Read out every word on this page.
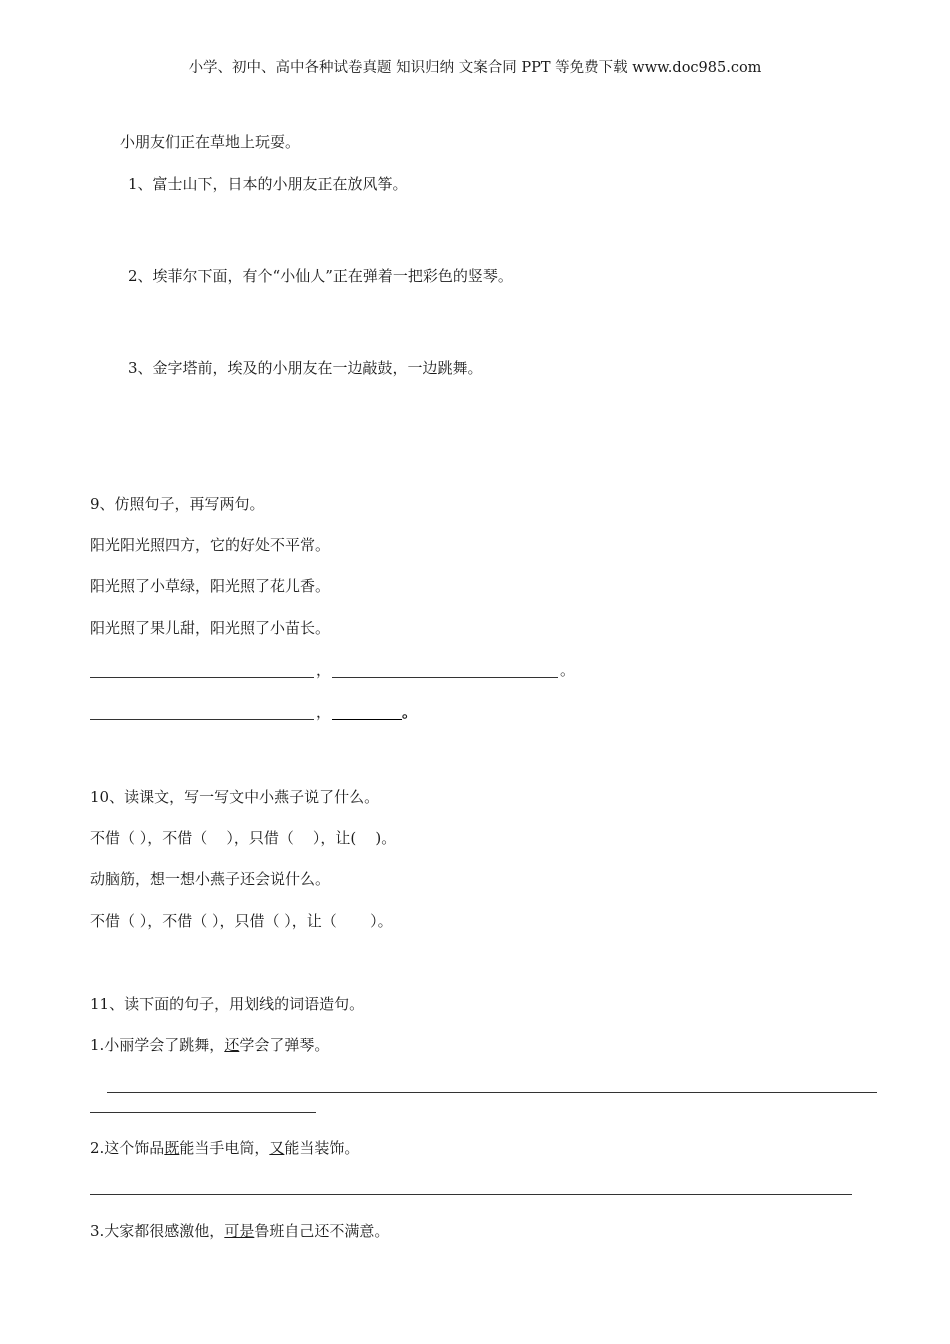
小学、初中、高中各种试卷真题 知识归纳 文案合同 PPT 等免费下载 www.doc985.com
小朋友们正在草地上玩耍。
1、富士山下，日本的小朋友正在放风筝。
2、埃菲尔下面，有个“小仙人”正在弹着一把彩色的竖琴。
3、金字塔前，埃及的小朋友在一边敲鼓，一边跳舞。
9、仿照句子，再写两句。
阳光阳光照四方，它的好处不平常。
阳光照了小草绿，阳光照了花儿香。
阳光照了果儿甜，阳光照了小苗长。
，	。
，	。
10、读课文，写一写文中小燕子说了什么。
不借（ ），不借（    ），只借（    ），让(    )。
动脑筋，想一想小燕子还会说什么。
不借（ ），不借（ ），只借（ ），让（       ）。
11、读下面的句子，用划线的词语造句。
1.小丽学会了跳舞，还学会了弹琴。
2.这个饰品既能当手电筒，又能当装饰。
3.大家都很感激他，可是鲁班自己还不满意。
